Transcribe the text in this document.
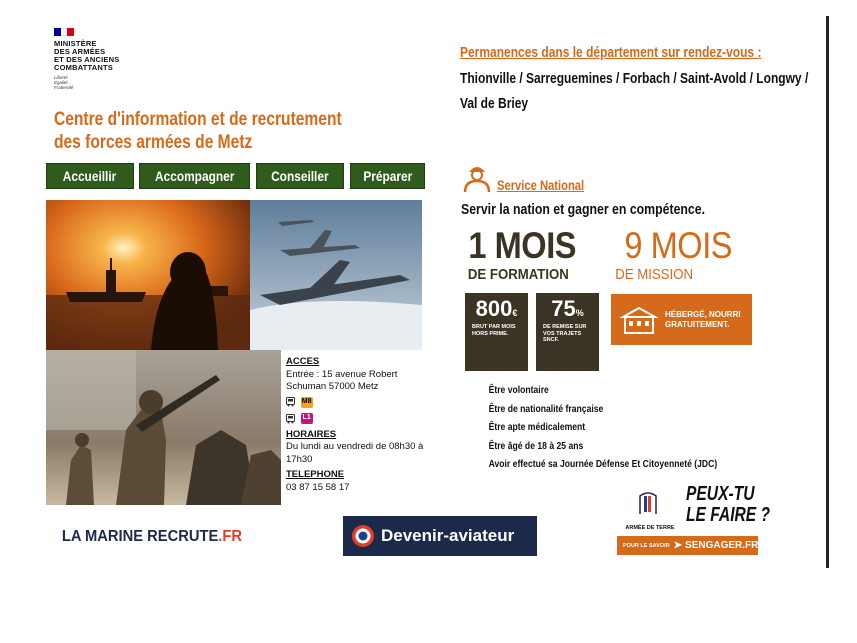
MINISTÈRE
DES ARMÉES
ET DES ANCIENS
COMBATTANTS
Liberté
Égalité
Fraternité
Centre d'information et de recrutement
des forces armées de Metz
Accueillir	Accompagner	Conseiller Préparer
ACCES
Entrée : 15 avenue Robert Schuman 57000 Metz
M8
L1
HORAIRES
Du lundi au vendredi de 08h30 à 17h30
TELEPHONE
03 87 15 58 17
LA MARINE RECRUTE.FR	Devenir-aviateur
Permanences dans le département sur rendez-vous :
Thionville / Sarreguemines / Forbach / Saint-Avold / Longwy / Val de Briey
Service National
Servir la nation et gagner en compétence.
1 MOIS
DE FORMATION
9 MOIS
DE MISSION
800€
BRUT PAR MOIS HORS PRIME.
75%
DE REMISE SUR VOS TRAJETS SNCF.
HÉBERGÉ, NOURRI GRATUITEMENT.
Être volontaire
Être de nationalité française
Être apte médicalement
Être âgé de 18 à 25 ans
Avoir effectué sa Journée Défense Et Citoyenneté (JDC)
ARMÉE DE TERRE
PEUX-TU
LE FAIRE ?
POUR LE SAVOIR ➤ SENGAGER.FR
